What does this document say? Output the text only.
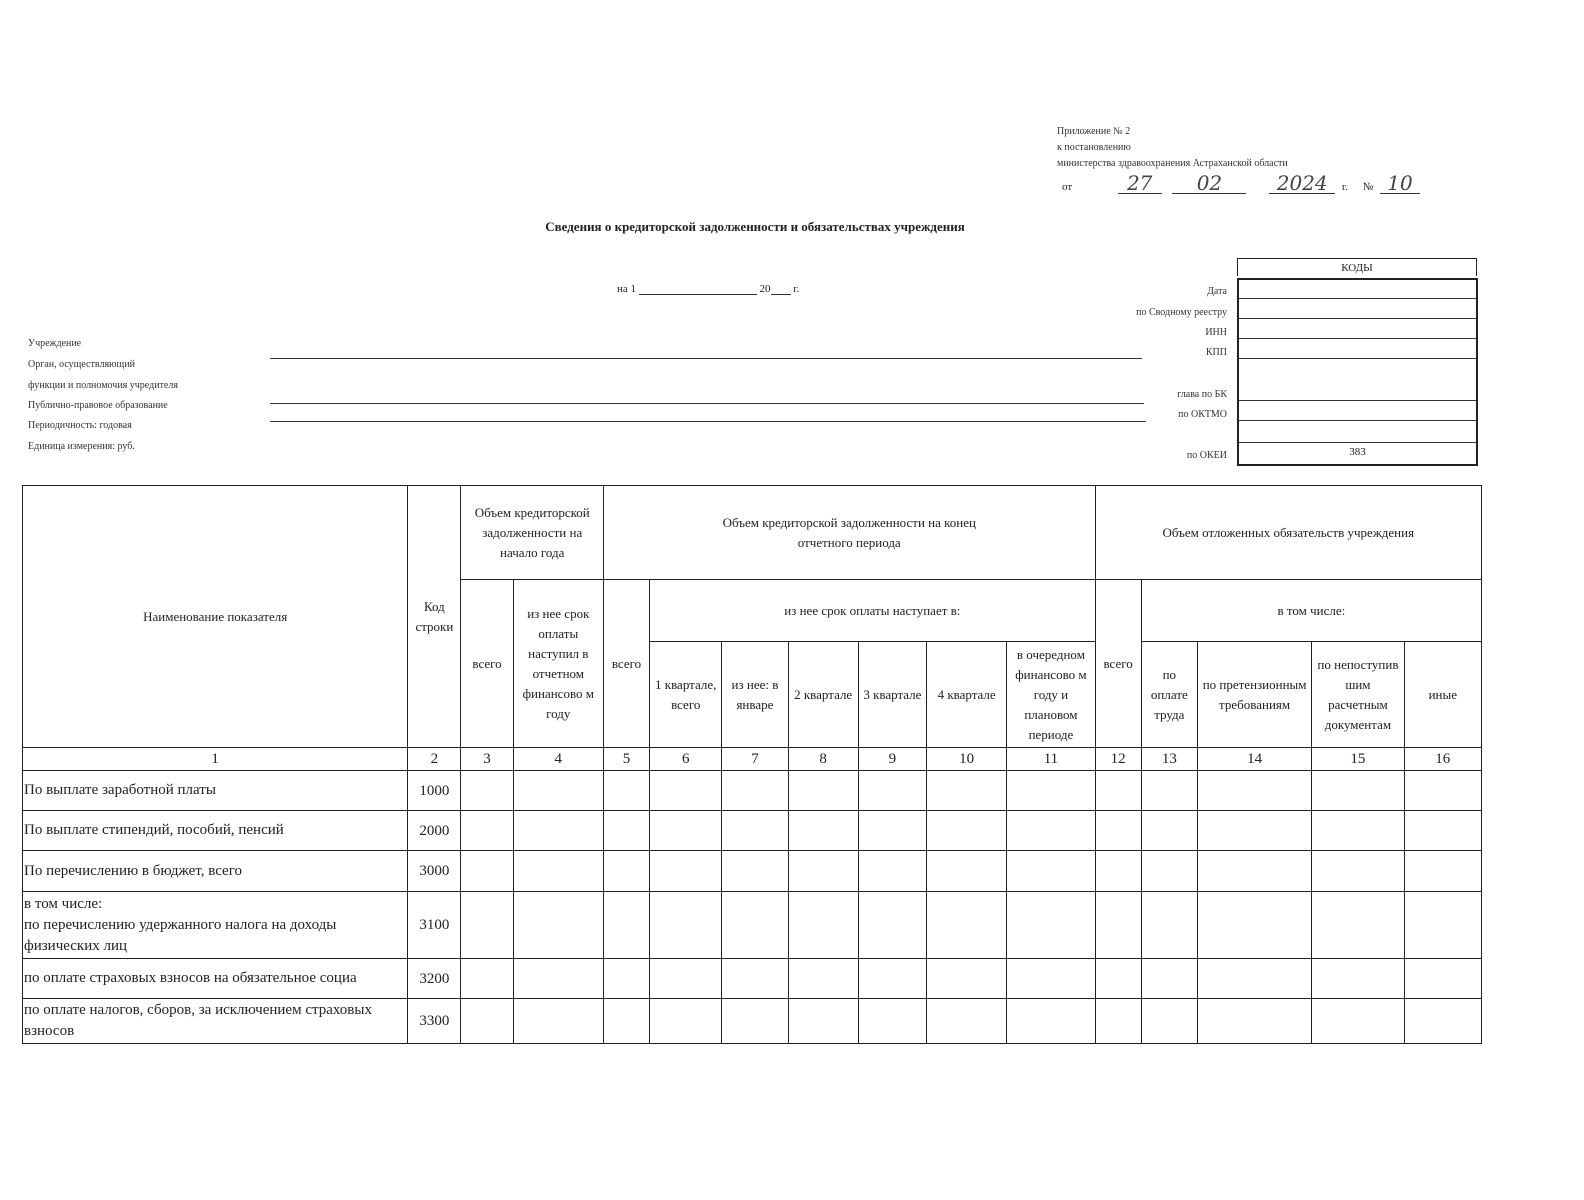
Приложение № 2
к постановлению
министерства здравоохранения Астраханской области
от	27 02	2024 г. № 10
Сведения о кредиторской задолженности и обязательствах учреждения
на 1	20 г.
Учреждение
Орган, осуществляющий
функции и полномочия учредителя
Публично-правовое образование
Периодичность: годовая
Единица измерения: руб.
Дата
по Сводному реестру
ИНН
КПП
глава по БК
по ОКТМО
по ОКЕИ
КОДЫ
383
Наименование показателя	Код строки	Объем кредиторской задолженности на начало года		Объем кредиторской задолженности на конец отчетного периода							Объем отложенных обязательств учреждения				
		всего	из нее срок оплаты наступил в отчетном финансово м году	всего	из нее срок оплаты наступает в:						всего	в том числе:			
					1 квартале, всего	из нее: в январе	2 квартале	3 квартале	4 квартале	в очередном финансово м году и плановом периоде		по оплате труда	по претензионным требованиям	по непоступив шим расчетным документам	иные
1	2	3	4	5	6	7	8	9	10	11	12	13	14	15	16
По выплате заработной платы	1000														
По выплате стипендий, пособий, пенсий	2000														
По перечислению в бюджет, всего	3000														
в том числе:
по перечислению удержанного налога на доходы физических лиц	3100														
по оплате страховых взносов на обязательное социа	3200														
по оплате налогов, сборов, за исключением страховых взносов	3300														
